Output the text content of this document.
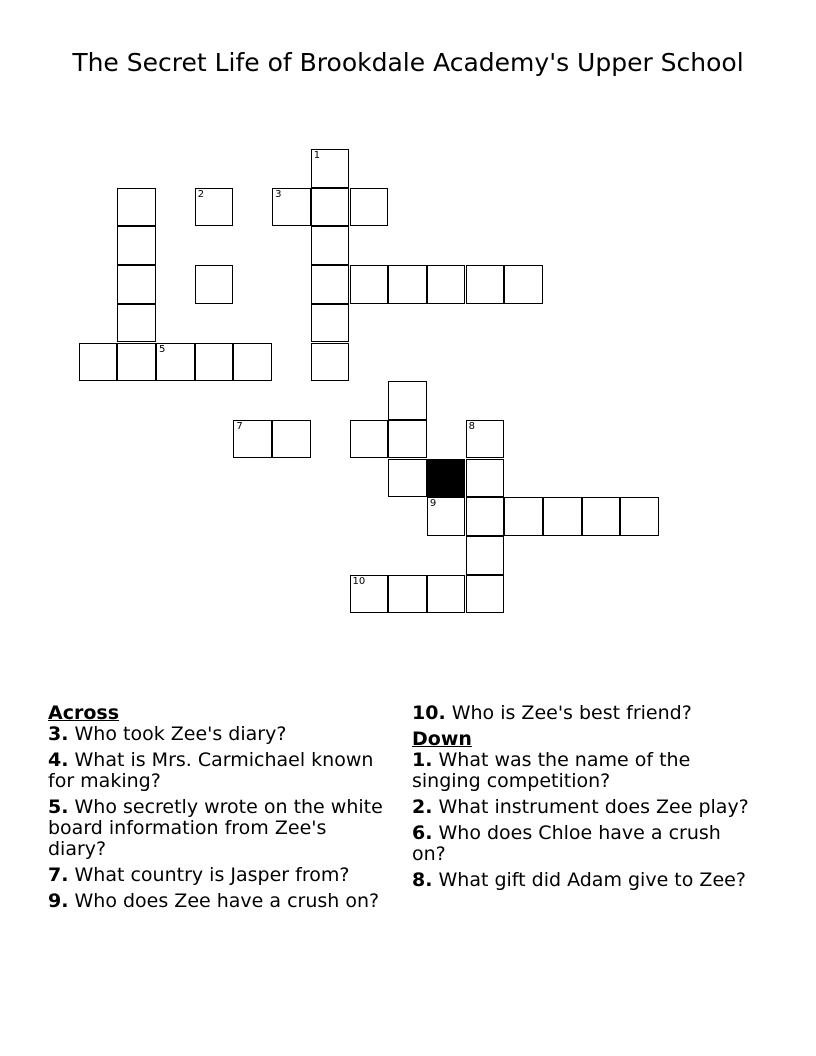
The Secret Life of Brookdale Academy's Upper School
1
2	3
5
7	8
9
10
Across
3. Who took Zee's diary?
4. What is Mrs. Carmichael known for making?
5. Who secretly wrote on the white board information from Zee's diary?
7. What country is Jasper from?
9. Who does Zee have a crush on?
10. Who is Zee's best friend?
Down
1. What was the name of the singing competition?
2. What instrument does Zee play?
6. Who does Chloe have a crush on?
8. What gift did Adam give to Zee?
